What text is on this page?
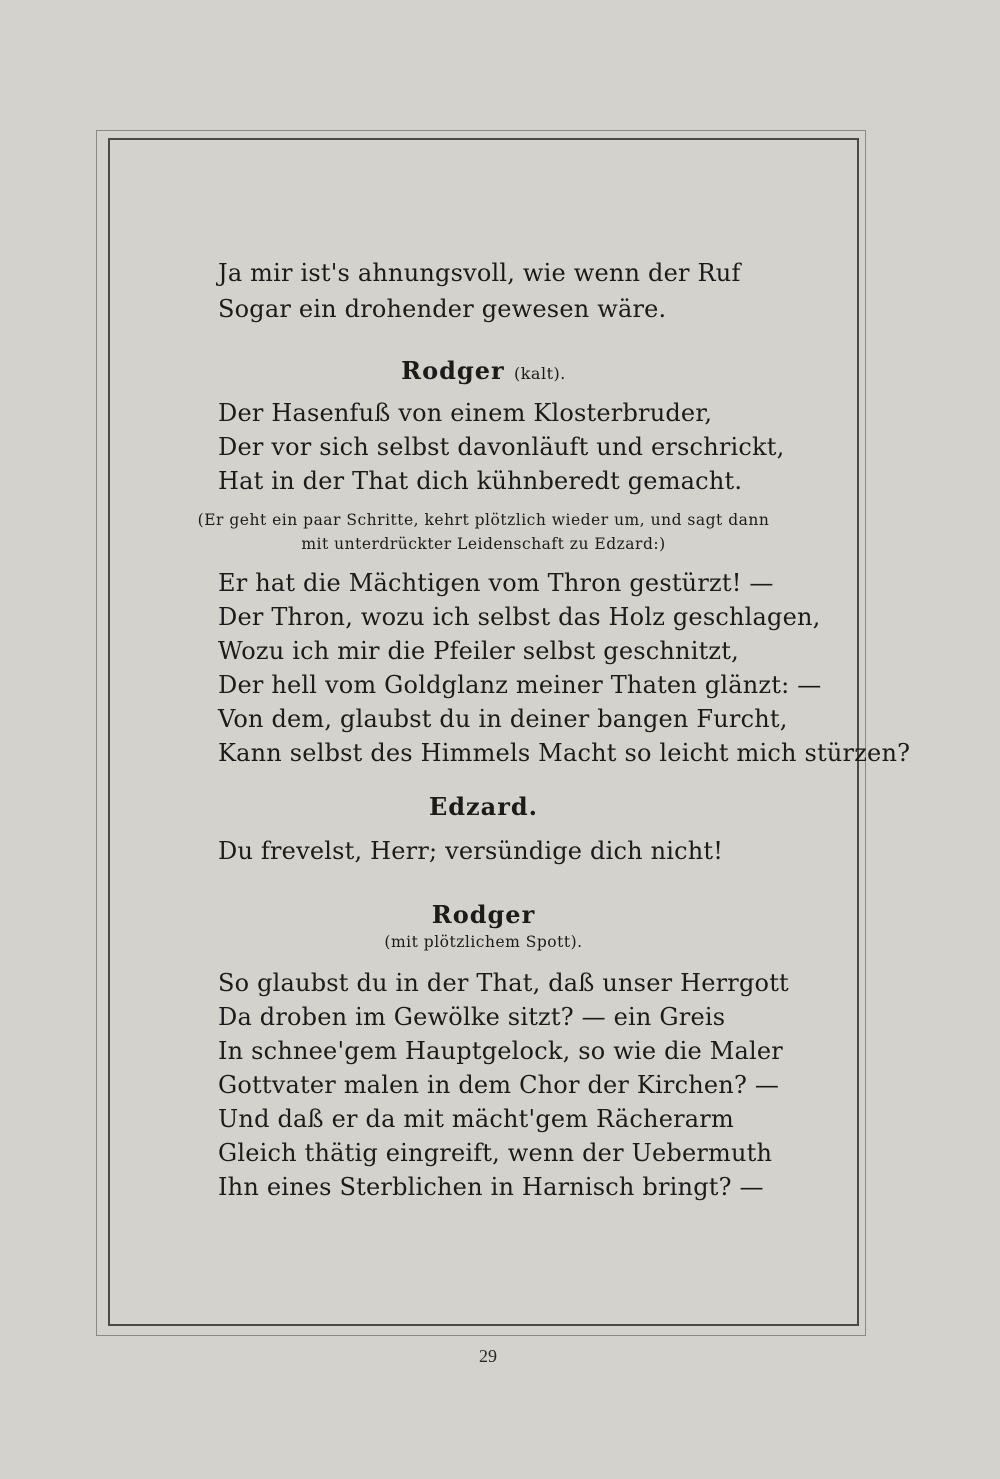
Ja mir ist's ahnungsvoll, wie wenn der Ruf
Sogar ein drohender gewesen wäre.
Rodger (kalt).
Der Hasenfuß von einem Klosterbruder,
Der vor sich selbst davonläuft und erschrickt,
Hat in der That dich kühnberedt gemacht.
(Er geht ein paar Schritte, kehrt plötzlich wieder um, und sagt dann
mit unterdrückter Leidenschaft zu Edzard:)
Er hat die Mächtigen vom Thron gestürzt! —
Der Thron, wozu ich selbst das Holz geschlagen,
Wozu ich mir die Pfeiler selbst geschnitzt,
Der hell vom Goldglanz meiner Thaten glänzt: —
Von dem, glaubst du in deiner bangen Furcht,
Kann selbst des Himmels Macht so leicht mich stürzen?
Edzard.
Du frevelst, Herr; versündige dich nicht!
Rodger
(mit plötzlichem Spott).
So glaubst du in der That, daß unser Herrgott
Da droben im Gewölke sitzt? — ein Greis
In schnee'gem Hauptgelock, so wie die Maler
Gottvater malen in dem Chor der Kirchen? —
Und daß er da mit mächt'gem Rächerarm
Gleich thätig eingreift, wenn der Uebermuth
Ihn eines Sterblichen in Harnisch bringt? —
29
